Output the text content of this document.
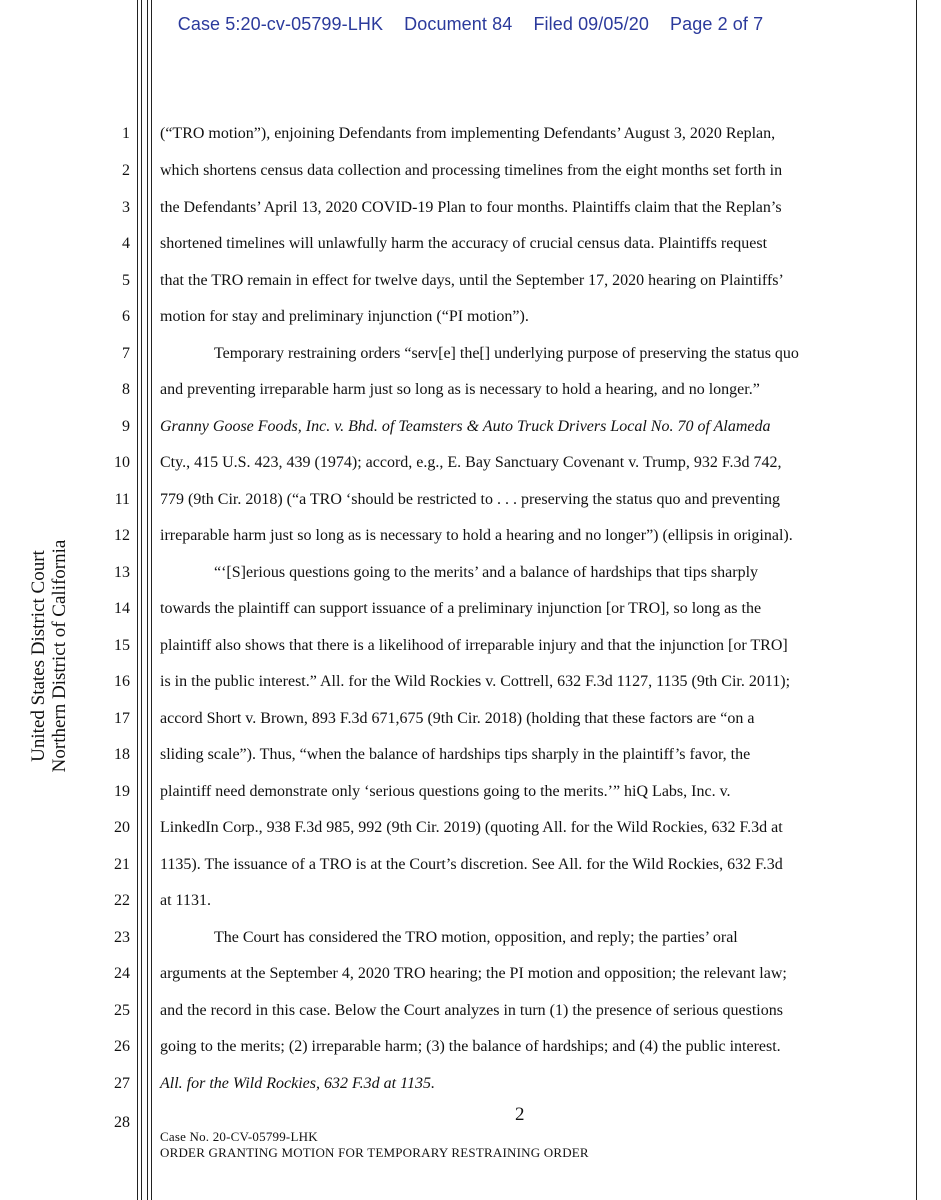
Case 5:20-cv-05799-LHK Document 84 Filed 09/05/20 Page 2 of 7
United States District Court Northern District of California
1
2
3
4
5
6
7
8
9
10
11
12
13
14
15
16
17
18
19
20
21
22
23
24
25
26
27
28
(“TRO motion”), enjoining Defendants from implementing Defendants’ August 3, 2020 Replan,
which shortens census data collection and processing timelines from the eight months set forth in
the Defendants’ April 13, 2020 COVID-19 Plan to four months. Plaintiffs claim that the Replan’s
shortened timelines will unlawfully harm the accuracy of crucial census data. Plaintiffs request
that the TRO remain in effect for twelve days, until the September 17, 2020 hearing on Plaintiffs’
motion for stay and preliminary injunction (“PI motion”).
Temporary restraining orders “serv[e] the[] underlying purpose of preserving the status quo
and preventing irreparable harm just so long as is necessary to hold a hearing, and no longer.”
Granny Goose Foods, Inc. v. Bhd. of Teamsters & Auto Truck Drivers Local No. 70 of Alameda
Cty., 415 U.S. 423, 439 (1974); accord, e.g., E. Bay Sanctuary Covenant v. Trump, 932 F.3d 742,
779 (9th Cir. 2018) (“a TRO ‘should be restricted to . . . preserving the status quo and preventing
irreparable harm just so long as is necessary to hold a hearing and no longer”) (ellipsis in original).
“‘[S]erious questions going to the merits’ and a balance of hardships that tips sharply
towards the plaintiff can support issuance of a preliminary injunction [or TRO], so long as the
plaintiff also shows that there is a likelihood of irreparable injury and that the injunction [or TRO]
is in the public interest.” All. for the Wild Rockies v. Cottrell, 632 F.3d 1127, 1135 (9th Cir. 2011);
accord Short v. Brown, 893 F.3d 671,675 (9th Cir. 2018) (holding that these factors are “on a
sliding scale”). Thus, “when the balance of hardships tips sharply in the plaintiff’s favor, the
plaintiff need demonstrate only ‘serious questions going to the merits.’” hiQ Labs, Inc. v.
LinkedIn Corp., 938 F.3d 985, 992 (9th Cir. 2019) (quoting All. for the Wild Rockies, 632 F.3d at
1135). The issuance of a TRO is at the Court’s discretion. See All. for the Wild Rockies, 632 F.3d
at 1131.
The Court has considered the TRO motion, opposition, and reply; the parties’ oral
arguments at the September 4, 2020 TRO hearing; the PI motion and opposition; the relevant law;
and the record in this case. Below the Court analyzes in turn (1) the presence of serious questions
going to the merits; (2) irreparable harm; (3) the balance of hardships; and (4) the public interest.
All. for the Wild Rockies, 632 F.3d at 1135.
2
Case No. 20-CV-05799-LHK
ORDER GRANTING MOTION FOR TEMPORARY RESTRAINING ORDER
